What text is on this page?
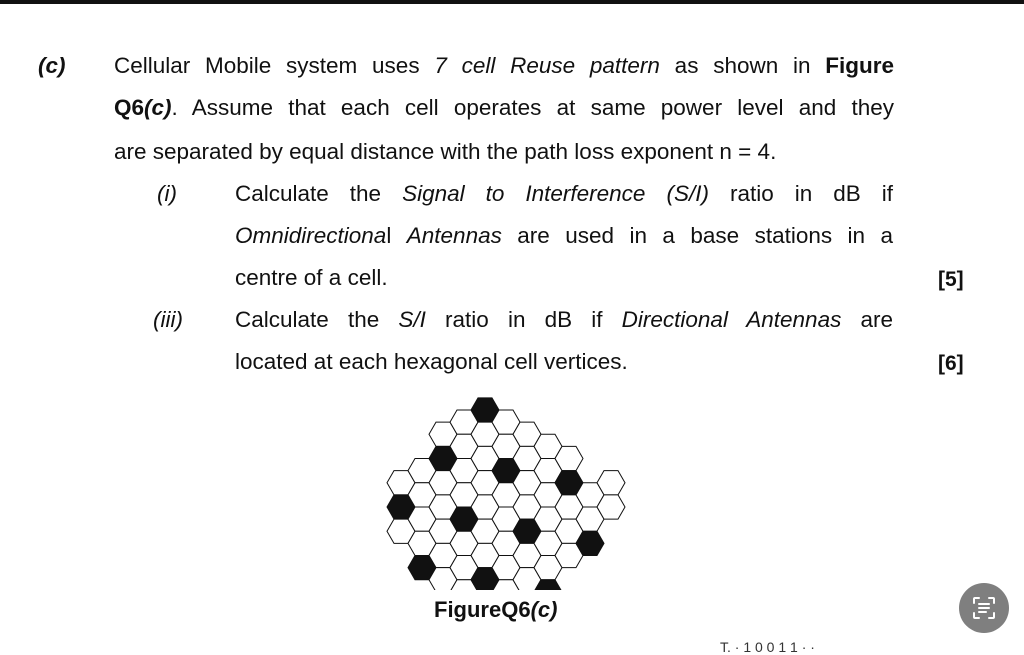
(c) Cellular Mobile system uses 7 cell Reuse pattern as shown in Figure
Q6(c). Assume that each cell operates at same power level and they
are separated by equal distance with the path loss exponent n = 4.
(i)	Calculate the Signal to Interference (S/I) ratio in dB if
Omnidirectional Antennas are used in a base stations in a
centre of a cell.	[5]
(iii) Calculate the S/I ratio in dB if Directional Antennas are
located at each hexagonal cell vertices.	[6]
FigureQ6(c)
T. · 1 0 0 1 1 · ·
